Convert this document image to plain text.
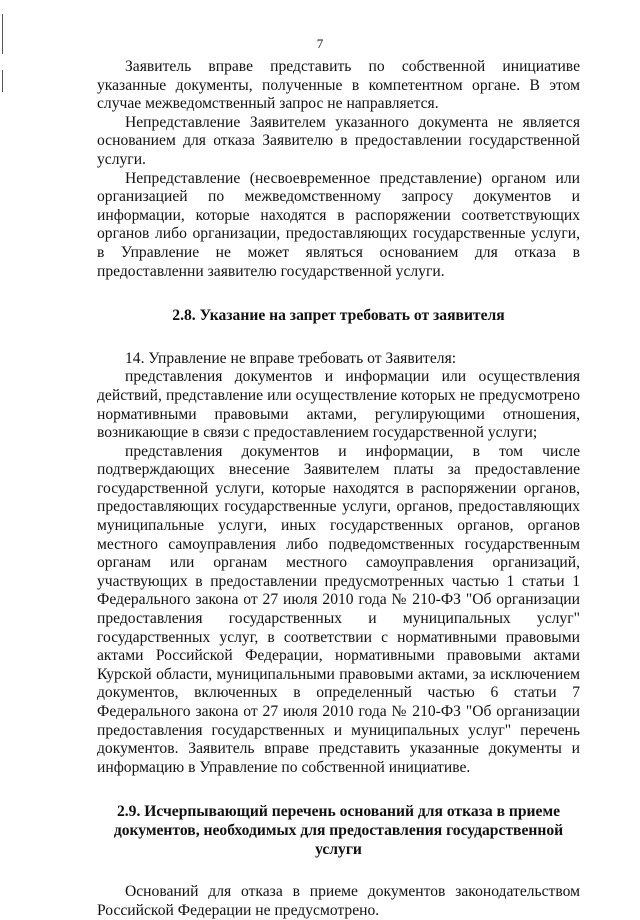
7

Заявитель вправе представить по собственной инициативе указанные документы, полученные в компетентном органе. В этом случае межведомственный запрос не направляется.

Непредставление Заявителем указанного документа не является основанием для отказа Заявителю в предоставлении государственной услуги.

Непредставление (несвоевременное представление) органом или организацией по межведомственному запросу документов и информации, которые находятся в распоряжении соответствующих органов либо организации, предоставляющих государственные услуги, в Управление не может являться основанием для отказа в предоставленни заявителю государственной услуги.

2.8. Указание на запрет требовать от заявителя

14. Управление не вправе требовать от Заявителя:

представления документов и информации или осуществления действий, представление или осуществление которых не предусмотрено нормативными правовыми актами, регулирующими отношения, возникающие в связи с предоставлением государственной услуги;

представления документов и информации, в том числе подтверждающих внесение Заявителем платы за предоставление государственной услуги, которые находятся в распоряжении органов, предоставляющих государственные услуги, органов, предоставляющих муниципальные услуги, иных государственных органов, органов местного самоуправления либо подведомственных государственным органам или органам местного самоуправления организаций, участвующих в предоставлении предусмотренных частью 1 статьи 1 Федерального закона от 27 июля 2010 года № 210-ФЗ "Об организации предоставления государственных и муниципальных услуг" государственных услуг, в соответствии с нормативными правовыми актами Российской Федерации, нормативными правовыми актами Курской области, муниципальными правовыми актами, за исключением документов, включенных в определенный частью 6 статьи 7 Федерального закона от 27 июля 2010 года № 210-ФЗ "Об организации предоставления государственных и муниципальных услуг" перечень документов. Заявитель вправе представить указанные документы и информацию в Управление по собственной инициативе.

2.9. Исчерпывающий перечень оснований для отказа в приеме документов, необходимых для предоставления государственной услуги

Оснований для отказа в приеме документов законодательством Российской Федерации не предусмотрено.
